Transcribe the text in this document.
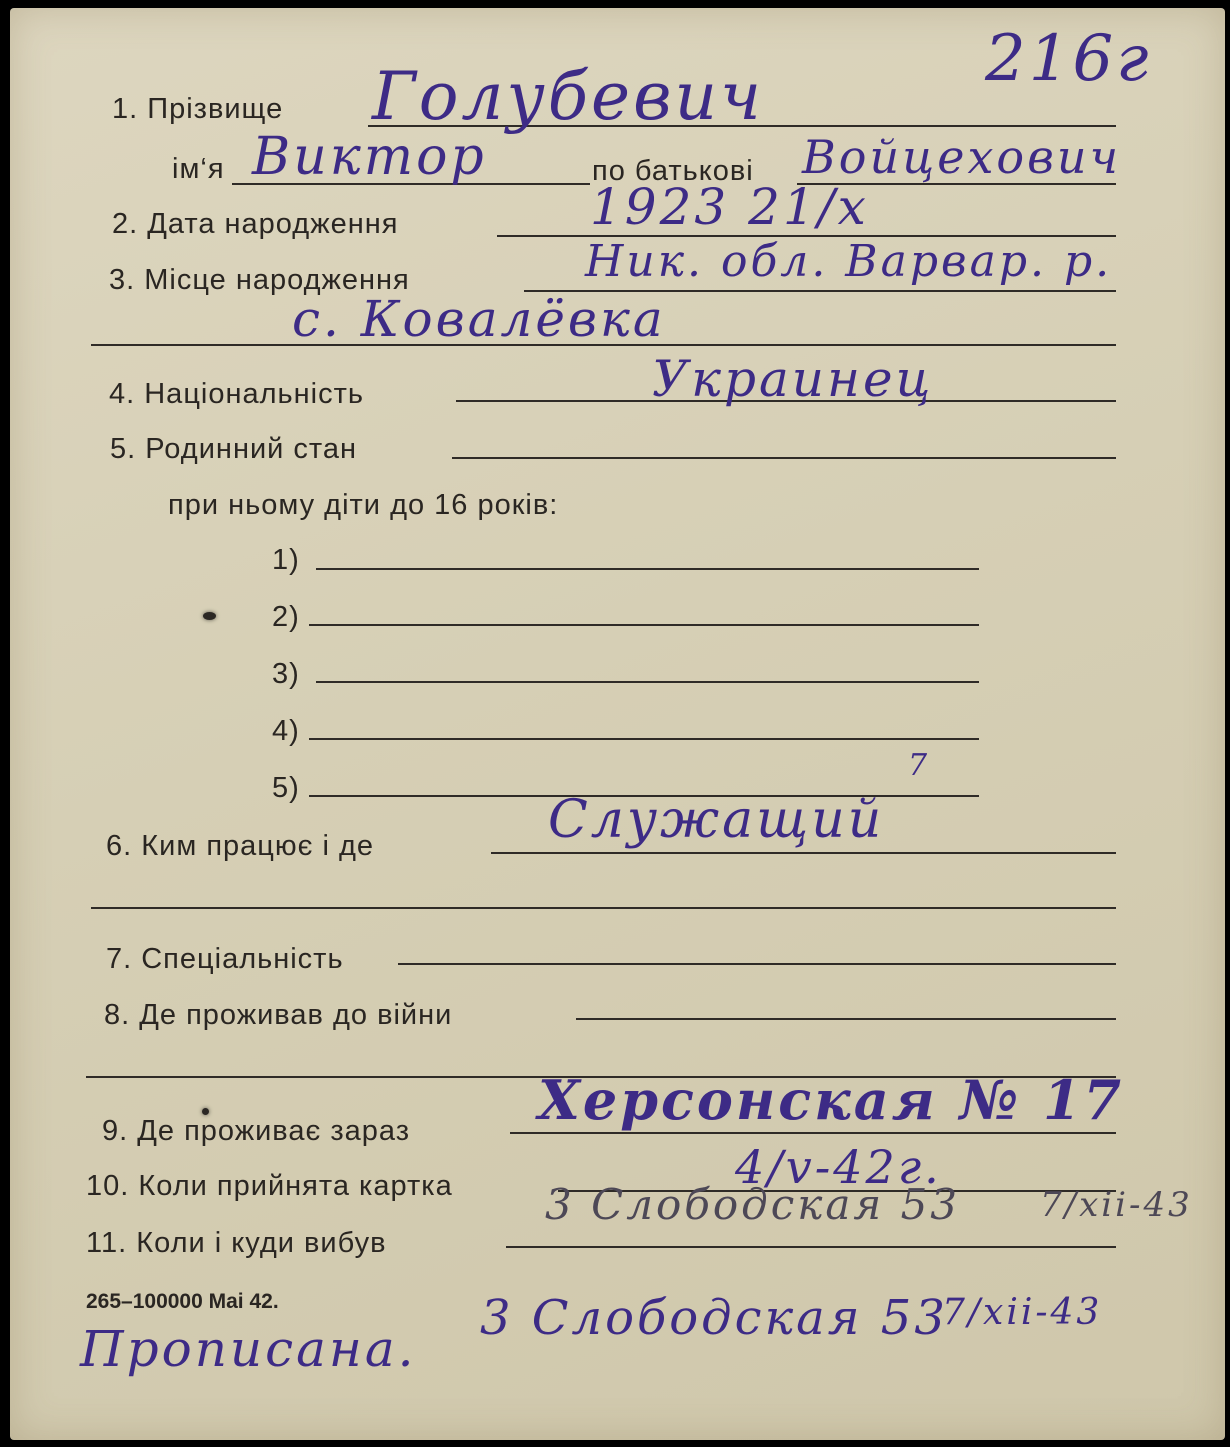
1. Прізвище
ім‘я	по батькові
2. Дата народження
3. Місце народження
4. Національність
5. Родинний стан
при ньому діти до 16 років:
1)
2)
3)
4)
5)
6. Ким працює і де
7. Спеціальність
8. Де проживав до війни
9. Де проживає зараз
10. Коли прийнята картка
11. Коли і куди вибув
265–100000 Mai 42.
216г
Голубевич
Виктор	Войцехович
1923 21/x
Ник. обл. Варвар. р.
с. Ковалёвка
Украинец
7
Служащий
Херсонская № 17
4/v-42г.
3 Слободская 53 7/xii-43
Прописана.
3 Слободская 53
7/xii-43
